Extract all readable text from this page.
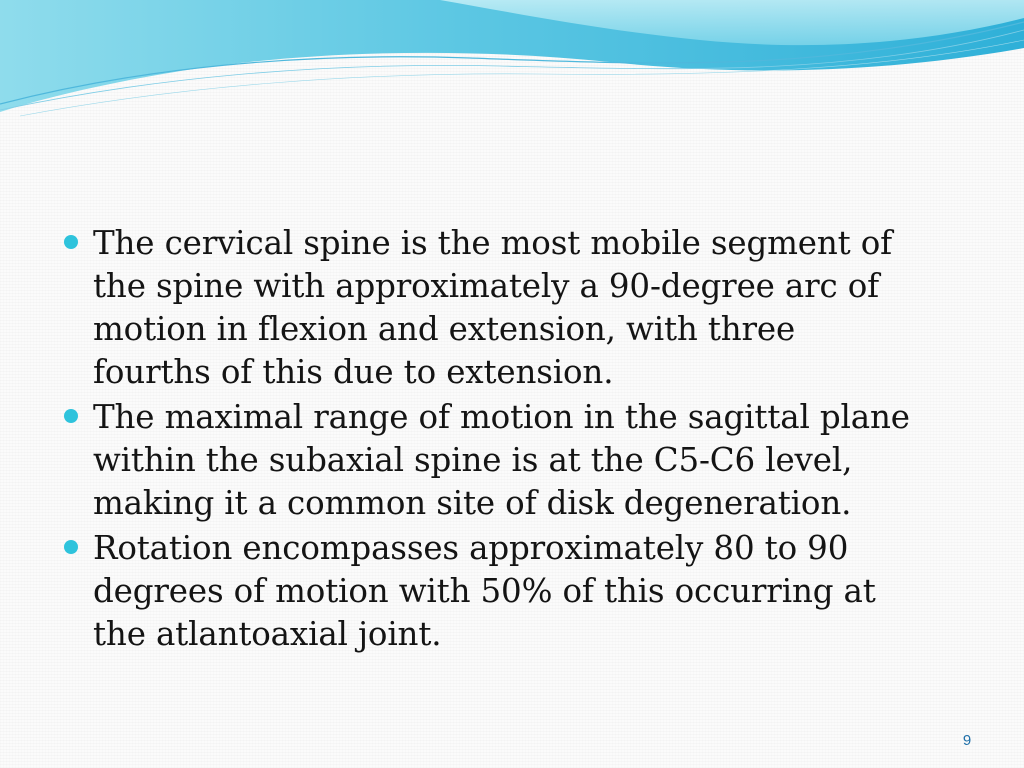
The cervical spine is the most mobile segment of
the spine with approximately a 90-degree arc of
motion in flexion and extension, with three
fourths of this due to extension.
The maximal range of motion in the sagittal plane
within the subaxial spine is at the C5-C6 level,
making it a common site of disk degeneration.
Rotation encompasses approximately 80 to 90
degrees of motion with 50% of this occurring at
the atlantoaxial joint.
9
